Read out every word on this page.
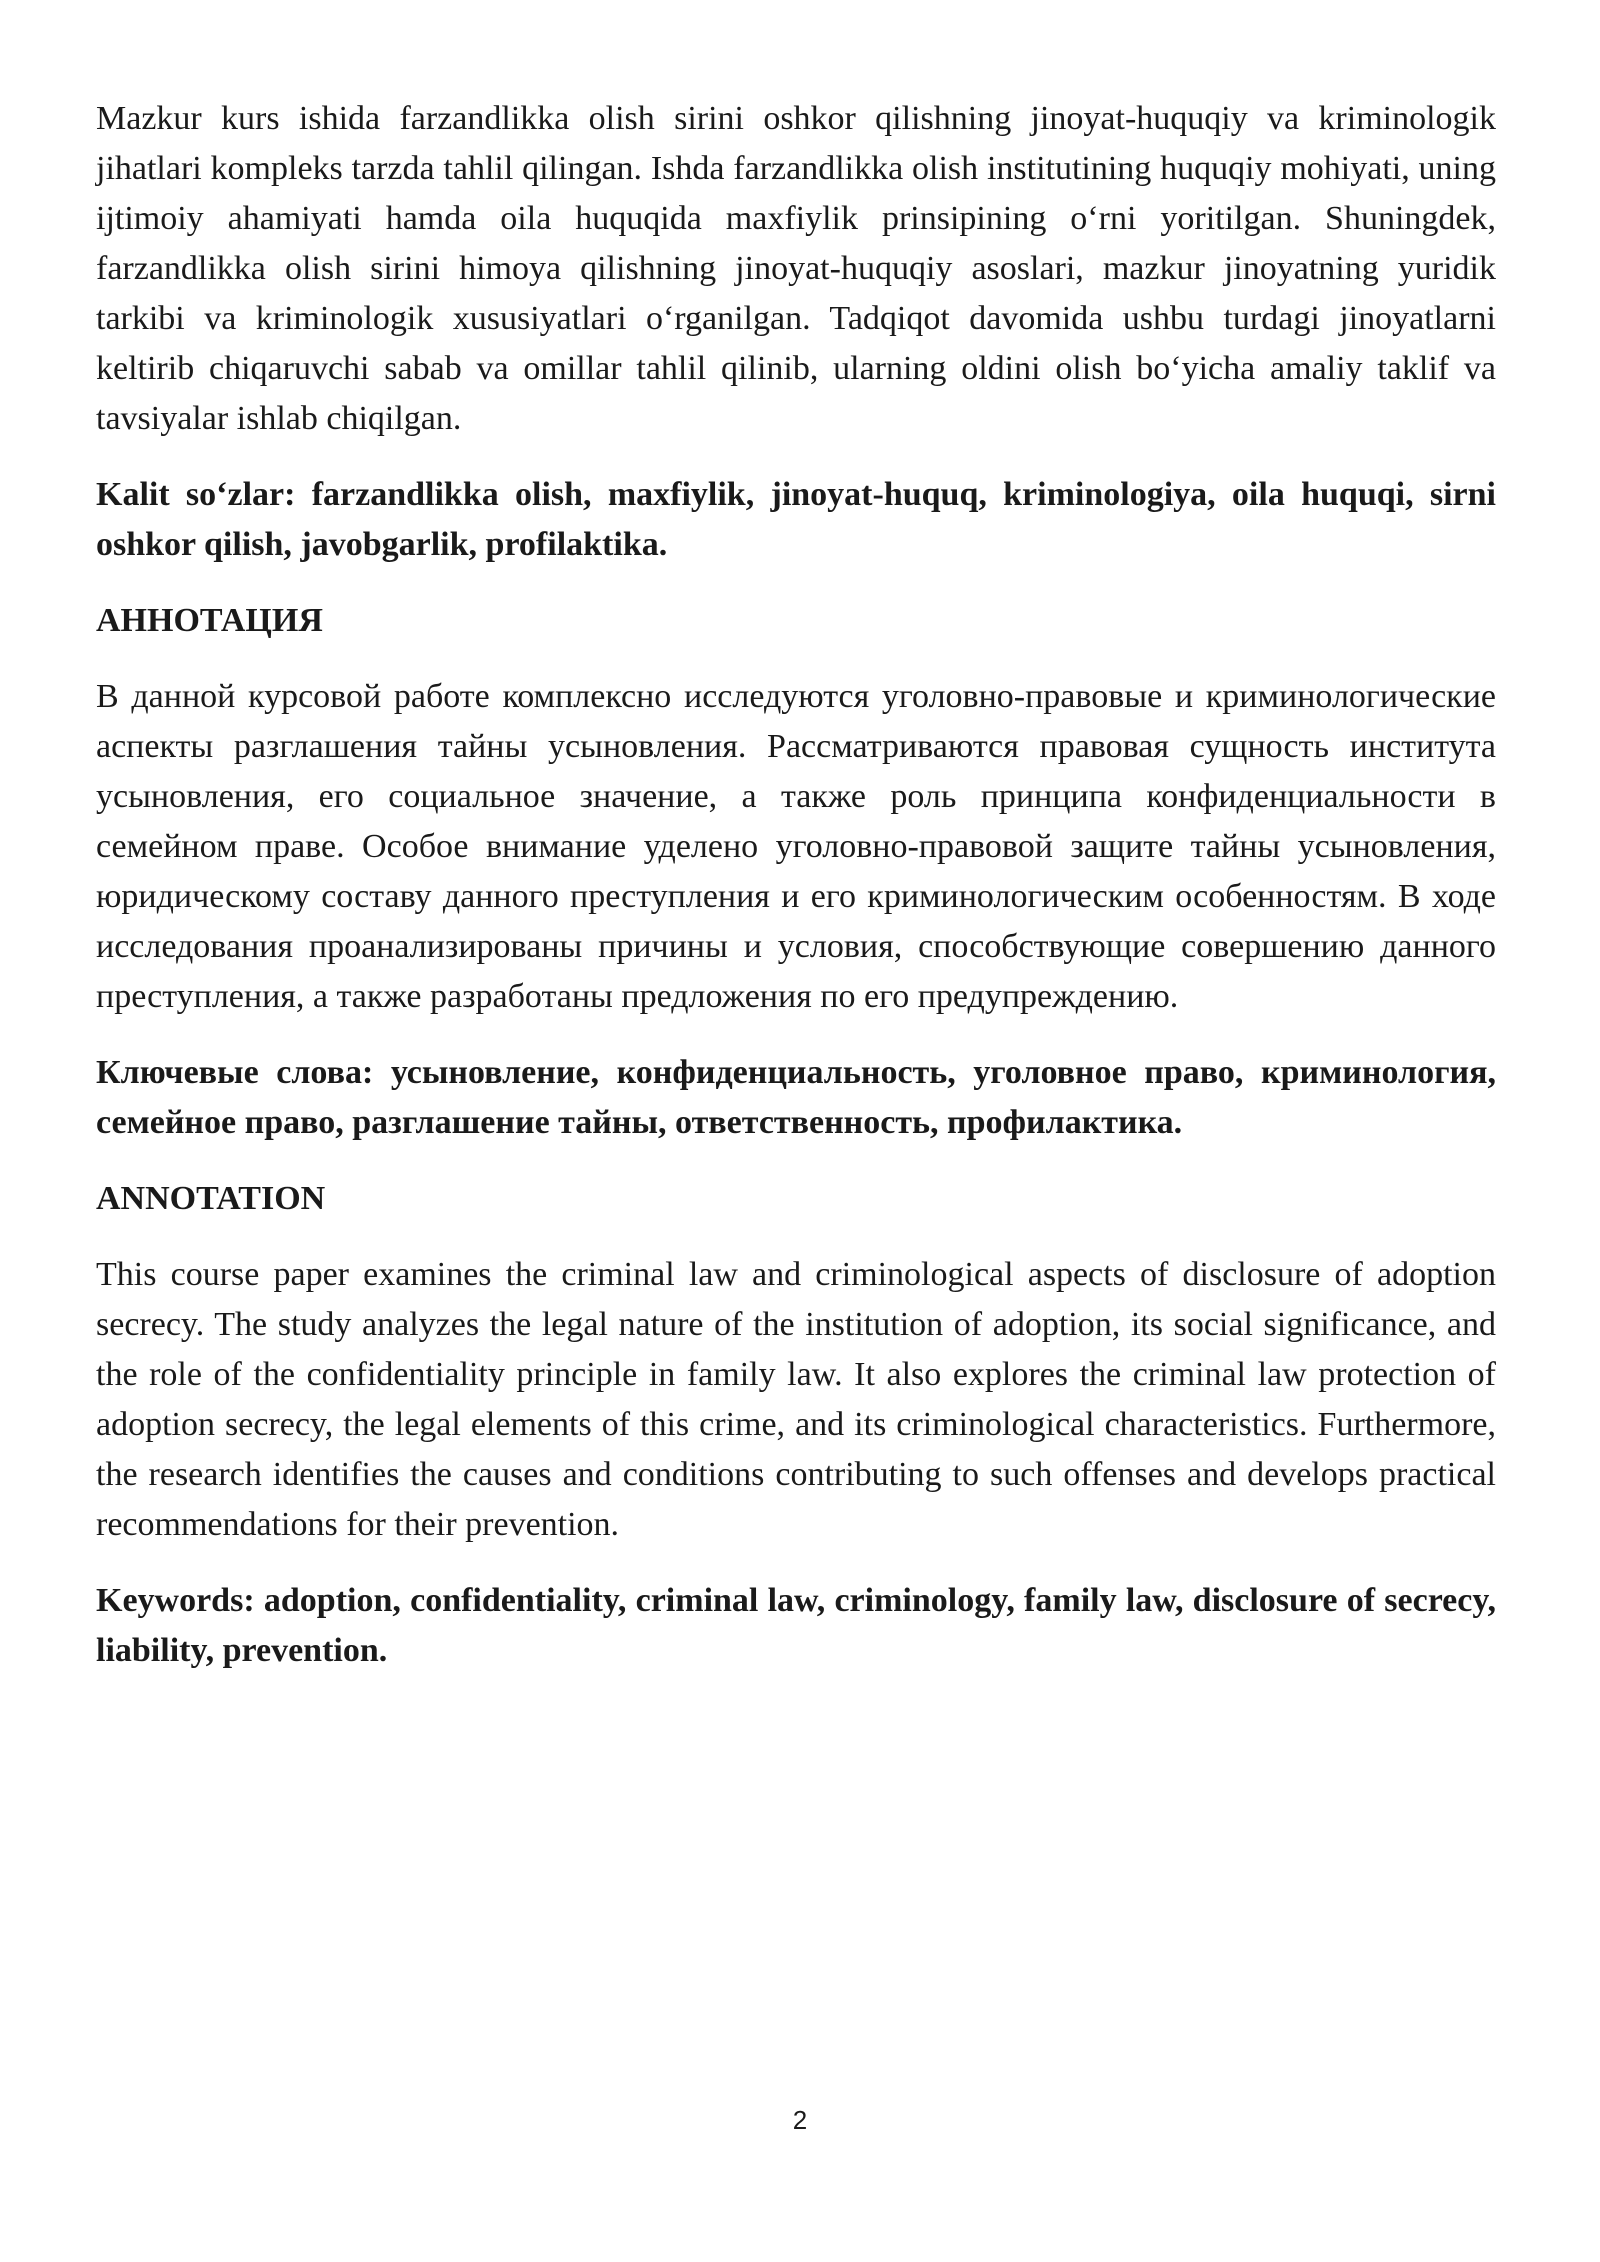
Mazkur kurs ishida farzandlikka olish sirini oshkor qilishning jinoyat-huquqiy va kriminologik jihatlari kompleks tarzda tahlil qilingan. Ishda farzandlikka olish institutining huquqiy mohiyati, uning ijtimoiy ahamiyati hamda oila huquqida maxfiylik prinsipining oʻrni yoritilgan. Shuningdek, farzandlikka olish sirini himoya qilishning jinoyat-huquqiy asoslari, mazkur jinoyatning yuridik tarkibi va kriminologik xususiyatlari oʻrganilgan. Tadqiqot davomida ushbu turdagi jinoyatlarni keltirib chiqaruvchi sabab va omillar tahlil qilinib, ularning oldini olish boʻyicha amaliy taklif va tavsiyalar ishlab chiqilgan.

Kalit soʻzlar: farzandlikka olish, maxfiylik, jinoyat-huquq, kriminologiya, oila huquqi, sirni oshkor qilish, javobgarlik, profilaktika.

АННОТАЦИЯ

В данной курсовой работе комплексно исследуются уголовно-правовые и криминологические аспекты разглашения тайны усыновления. Рассматриваются правовая сущность института усыновления, его социальное значение, а также роль принципа конфиденциальности в семейном праве. Особое внимание уделено уголовно-правовой защите тайны усыновления, юридическому составу данного преступления и его криминологическим особенностям. В ходе исследования проанализированы причины и условия, способствующие совершению данного преступления, а также разработаны предложения по его предупреждению.

Ключевые слова: усыновление, конфиденциальность, уголовное право, криминология, семейное право, разглашение тайны, ответственность, профилактика.

ANNOTATION

This course paper examines the criminal law and criminological aspects of disclosure of adoption secrecy. The study analyzes the legal nature of the institution of adoption, its social significance, and the role of the confidentiality principle in family law. It also explores the criminal law protection of adoption secrecy, the legal elements of this crime, and its criminological characteristics. Furthermore, the research identifies the causes and conditions contributing to such offenses and develops practical recommendations for their prevention.

Keywords: adoption, confidentiality, criminal law, criminology, family law, disclosure of secrecy, liability, prevention.

2
